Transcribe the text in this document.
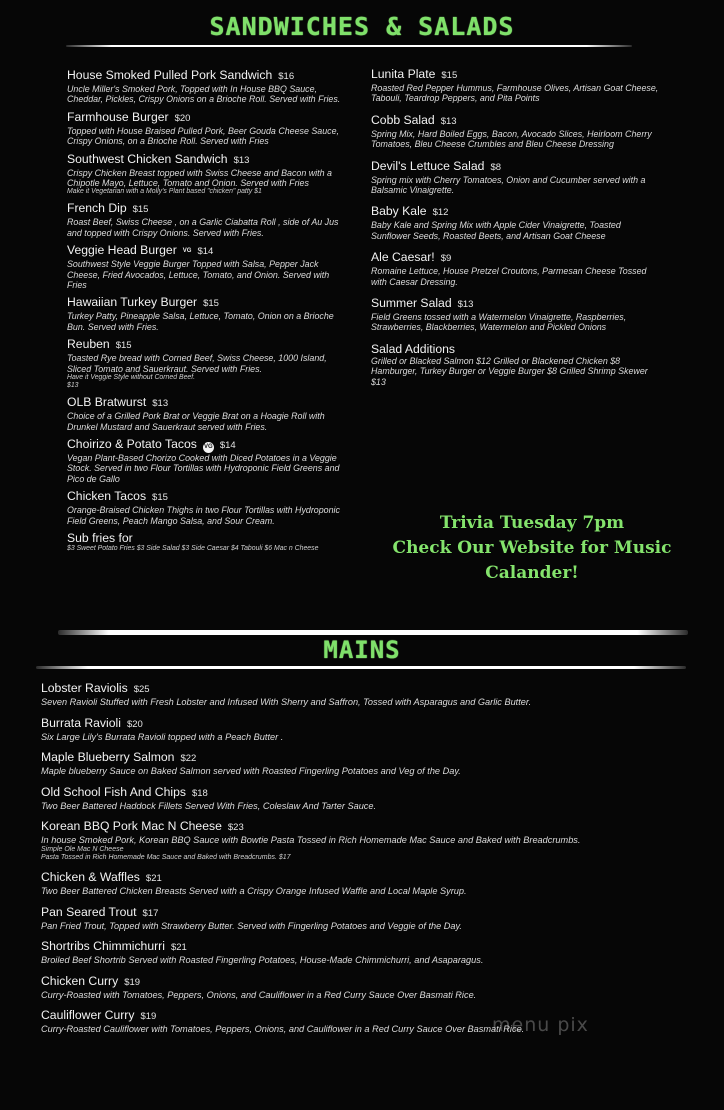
SANDWICHES & SALADS
House Smoked Pulled Pork Sandwich $16
Uncle Miller's Smoked Pork, Topped with In House BBQ Sauce, Cheddar, Pickles, Crispy Onions on a Brioche Roll. Served with Fries.
Farmhouse Burger $20
Topped with House Braised Pulled Pork, Beer Gouda Cheese Sauce, Crispy Onions, on a Brioche Roll. Served with Fries
Southwest Chicken Sandwich $13
Crispy Chicken Breast topped with Swiss Cheese and Bacon with a Chipotle Mayo, Lettuce, Tomato and Onion. Served with Fries
Make it Vegetarian with a Molly's Plant based "chicken" patty $1
French Dip $15
Roast Beef, Swiss Cheese , on a Garlic Ciabatta Roll , side of Au Jus and topped with Crispy Onions. Served with Fries.
Veggie Head Burger VG $14
Southwest Style Veggie Burger Topped with Salsa, Pepper Jack Cheese, Fried Avocados, Lettuce, Tomato, and Onion. Served with Fries
Hawaiian Turkey Burger $15
Turkey Patty, Pineapple Salsa, Lettuce, Tomato, Onion on a Brioche Bun. Served with Fries.
Reuben $15
Toasted Rye bread with Corned Beef, Swiss Cheese, 1000 Island, Sliced Tomato and Sauerkraut. Served with Fries.
Have it Veggie Style without Corned Beef.
$13
OLB Bratwurst $13
Choice of a Grilled Pork Brat or Veggie Brat on a Hoagie Roll with Drunkel Mustard and Sauerkraut served with Fries.
Choirizo & Potato Tacos VG $14
Vegan Plant-Based Chorizo Cooked with Diced Potatoes in a Veggie Stock. Served in two Flour Tortillas with Hydroponic Field Greens and Pico de Gallo
Chicken Tacos $15
Orange-Braised Chicken Thighs in two Flour Tortillas with Hydroponic Field Greens, Peach Mango Salsa, and Sour Cream.
Sub fries for
$3 Sweet Potato Fries $3 Side Salad $3 Side Caesar $4 Tabouli $6 Mac n Cheese
Lunita Plate $15
Roasted Red Pepper Hummus, Farmhouse Olives, Artisan Goat Cheese, Tabouli, Teardrop Peppers, and Pita Points
Cobb Salad $13
Spring Mix, Hard Boiled Eggs, Bacon, Avocado Slices, Heirloom Cherry Tomatoes, Bleu Cheese Crumbles and Bleu Cheese Dressing
Devil's Lettuce Salad $8
Spring mix with Cherry Tomatoes, Onion and Cucumber served with a Balsamic Vinaigrette.
Baby Kale $12
Baby Kale and Spring Mix with Apple Cider Vinaigrette, Toasted Sunflower Seeds, Roasted Beets, and Artisan Goat Cheese
Ale Caesar! $9
Romaine Lettuce, House Pretzel Croutons, Parmesan Cheese Tossed with Caesar Dressing.
Summer Salad $13
Field Greens tossed with a Watermelon Vinaigrette, Raspberries, Strawberries, Blackberries, Watermelon and Pickled Onions
Salad Additions
Grilled or Blacked Salmon $12 Grilled or Blackened Chicken $8 Hamburger, Turkey Burger or Veggie Burger $8 Grilled Shrimp Skewer $13
Trivia Tuesday 7pm
Check Our Website for Music
Calander!
MAINS
Lobster Raviolis $25
Seven Ravioli Stuffed with Fresh Lobster and Infused With Sherry and Saffron, Tossed with Asparagus and Garlic Butter.
Burrata Ravioli $20
Six Large Lily's Burrata Ravioli topped with a Peach Butter .
Maple Blueberry Salmon $22
Maple blueberry Sauce on Baked Salmon served with Roasted Fingerling Potatoes and Veg of the Day.
Old School Fish And Chips $18
Two Beer Battered Haddock Fillets Served With Fries, Coleslaw And Tarter Sauce.
Korean BBQ Pork Mac N Cheese $23
In house Smoked Pork, Korean BBQ Sauce with Bowtie Pasta Tossed in Rich Homemade Mac Sauce and Baked with Breadcrumbs.
Simple Ole Mac N Cheese
Pasta Tossed in Rich Homemade Mac Sauce and Baked with Breadcrumbs. $17
Chicken & Waffles $21
Two Beer Battered Chicken Breasts Served with a Crispy Orange Infused Waffle and Local Maple Syrup.
Pan Seared Trout $17
Pan Fried Trout, Topped with Strawberry Butter. Served with Fingerling Potatoes and Veggie of the Day.
Shortribs Chimmichurri $21
Broiled Beef Shortrib Served with Roasted Fingerling Potatoes, House-Made Chimmichurri, and Asaparagus.
Chicken Curry $19
Curry-Roasted with Tomatoes, Peppers, Onions, and Cauliflower in a Red Curry Sauce Over Basmati Rice.
Cauliflower Curry $19
Curry-Roasted Cauliflower with Tomatoes, Peppers, Onions, and Cauliflower in a Red Curry Sauce Over Basmati Rice.
menu pix
